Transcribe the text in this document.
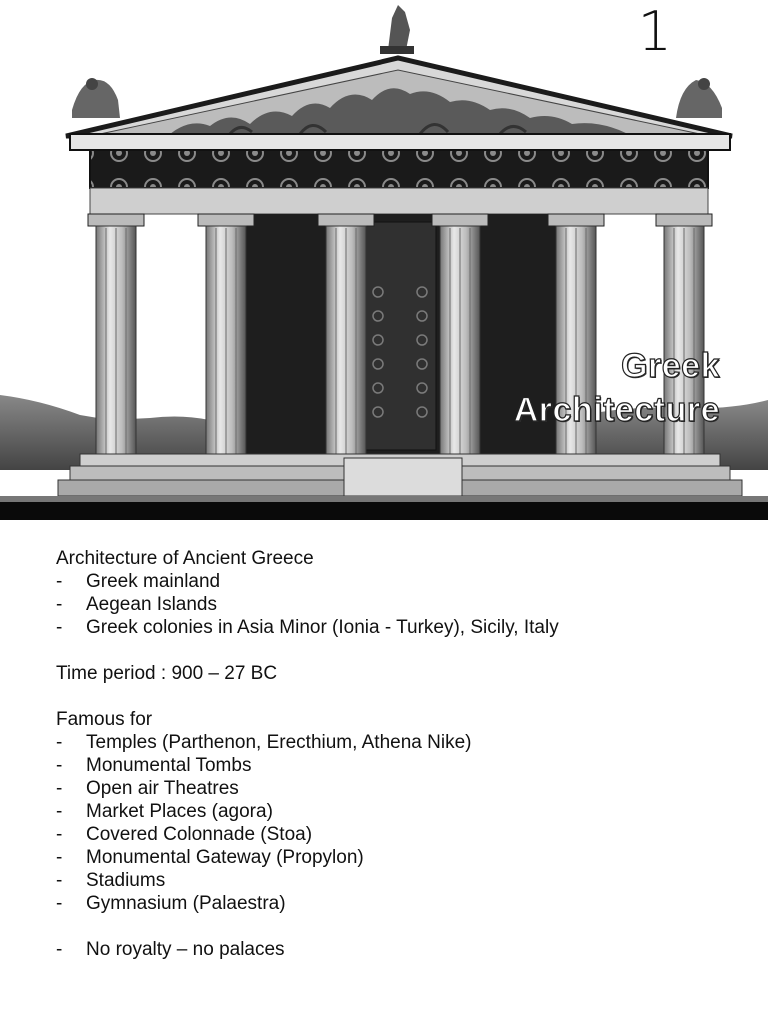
1
Greek
Architecture

Architecture of Ancient Greece

- Greek mainland
- Aegean Islands
- Greek colonies in Asia Minor (Ionia - Turkey), Sicily, Italy

Time period : 900 – 27 BC

Famous for

- Temples (Parthenon, Erecthium, Athena Nike)
- Monumental Tombs
- Open air Theatres
- Market Places (agora)
- Covered Colonnade (Stoa)
- Monumental Gateway (Propylon)
- Stadiums
- Gymnasium (Palaestra)
- No royalty – no palaces
